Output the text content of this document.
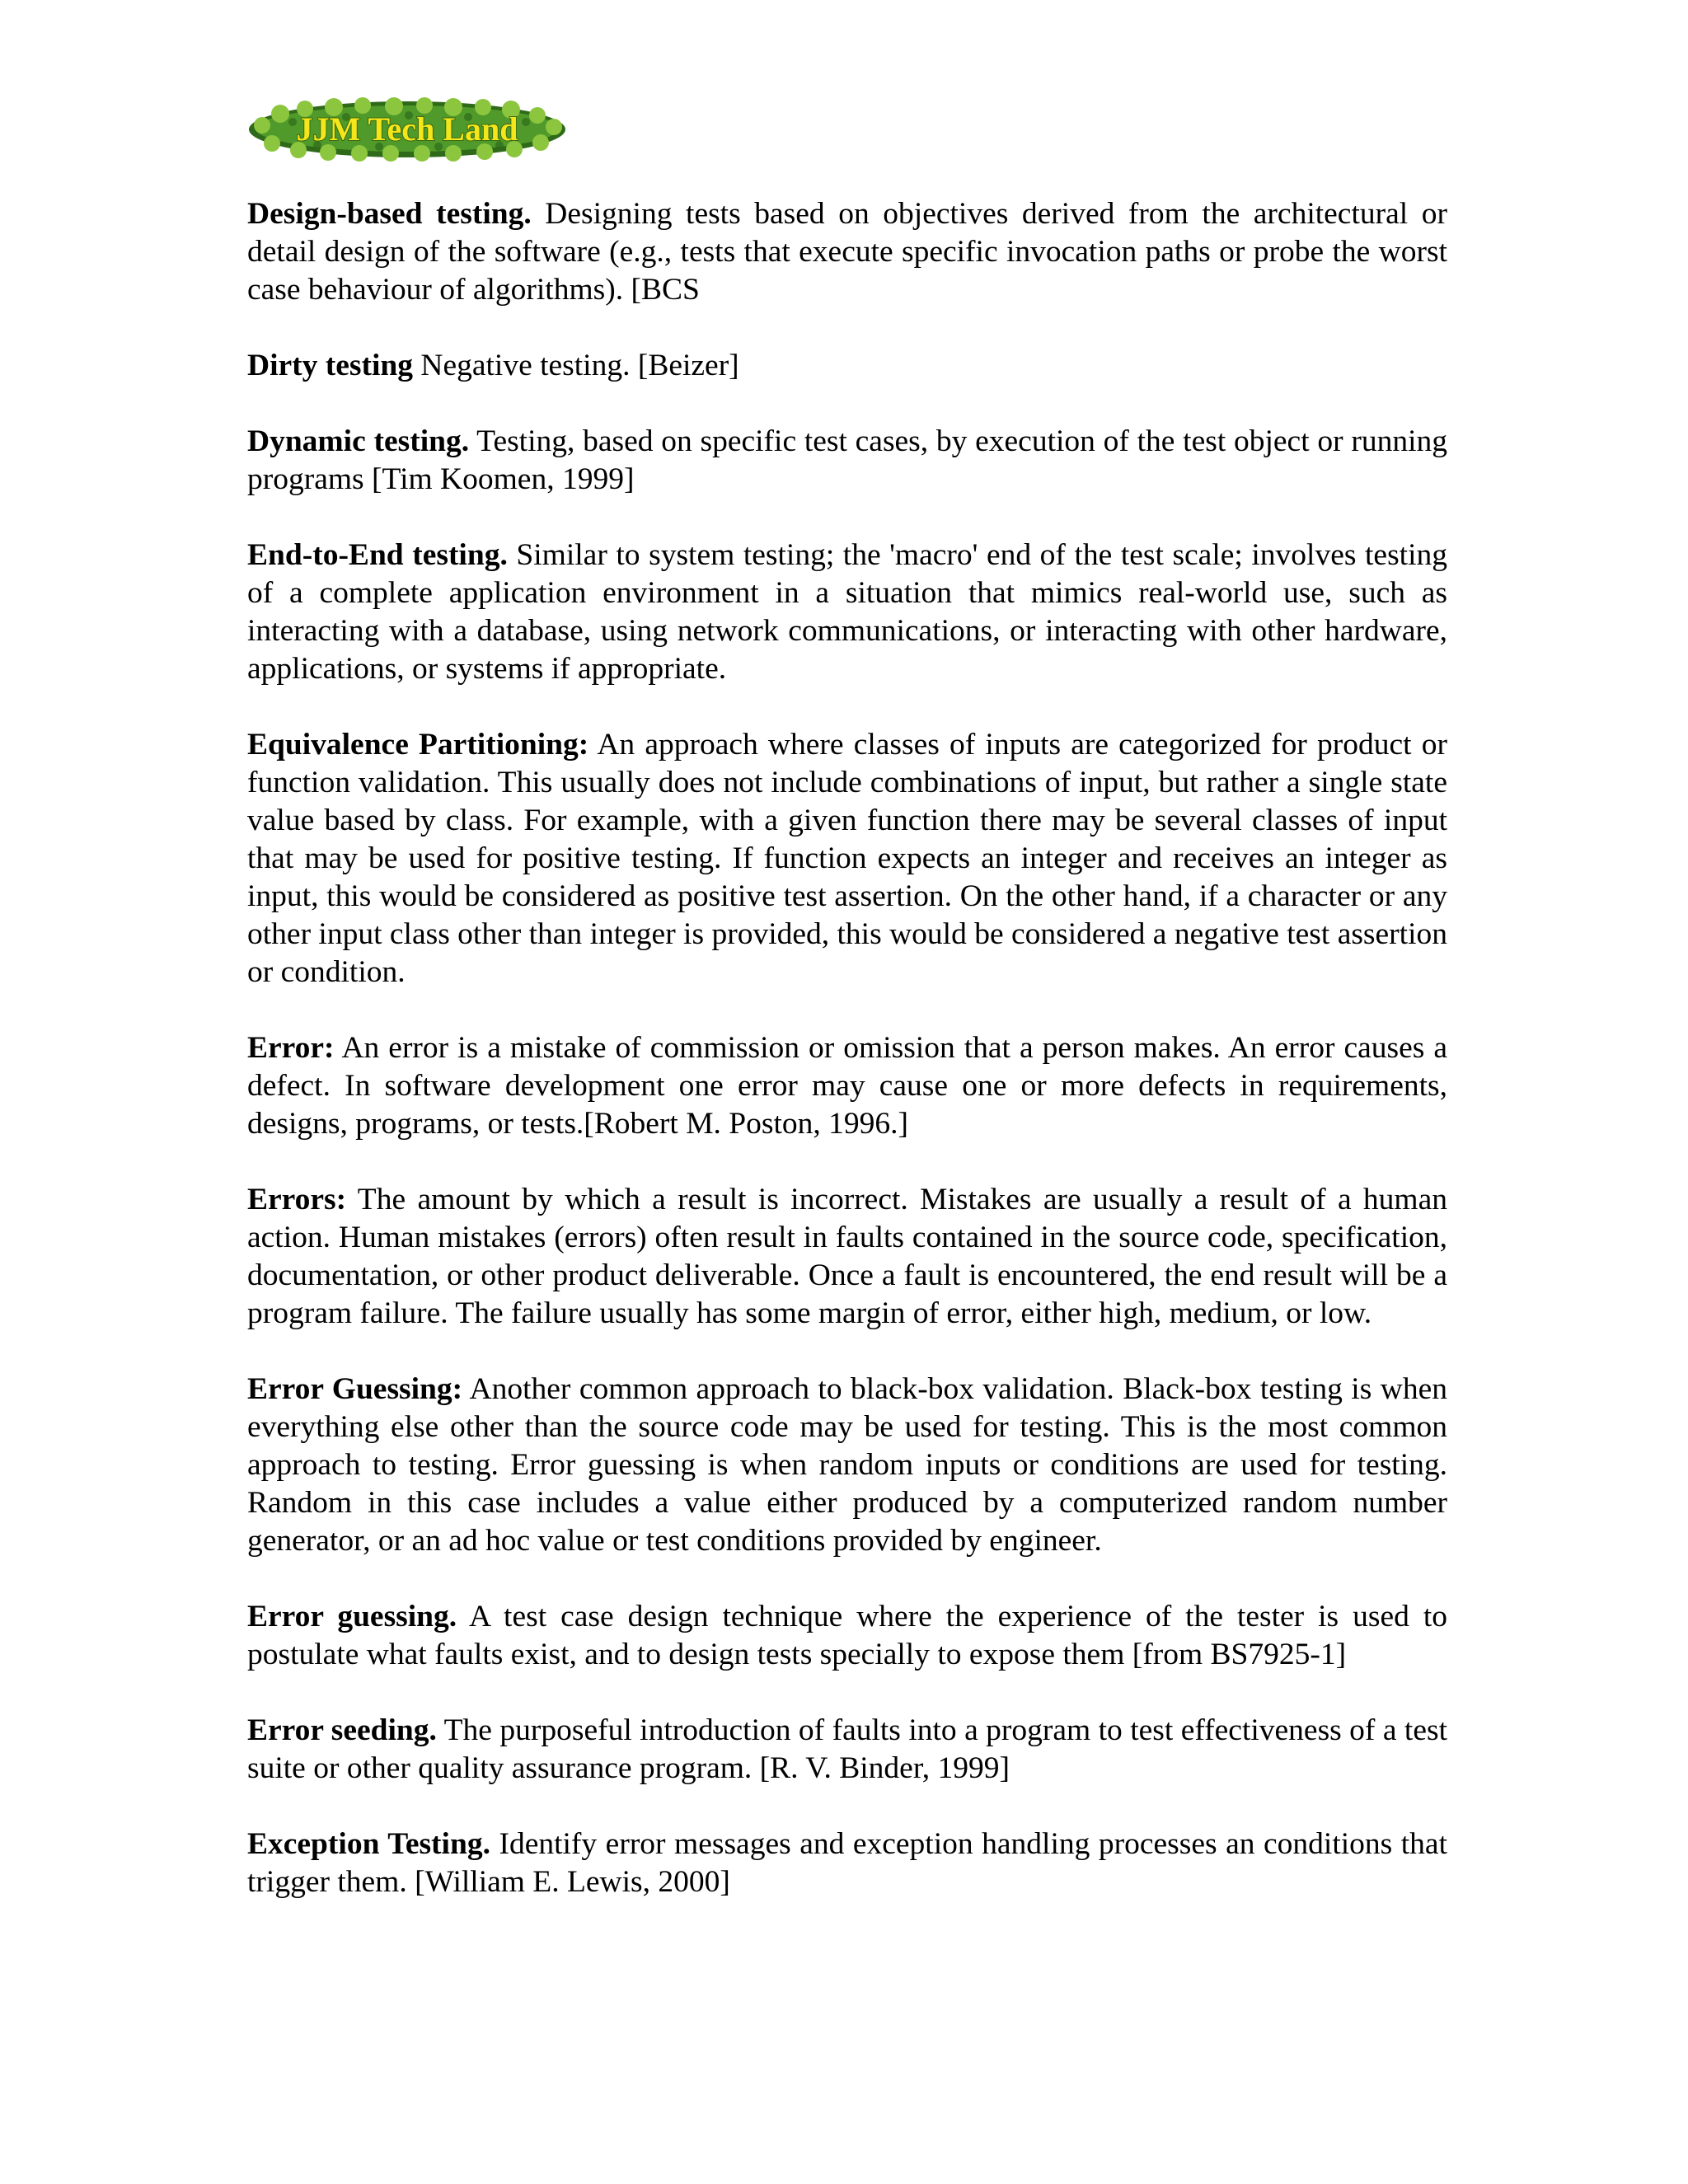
JJM Tech Land

Design-based testing. Designing tests based on objectives derived from the architectural or detail design of the software (e.g., tests that execute specific invocation paths or probe the worst case behaviour of algorithms). [BCS

Dirty testing Negative testing. [Beizer]

Dynamic testing. Testing, based on specific test cases, by execution of the test object or running programs [Tim Koomen, 1999]

End-to-End testing. Similar to system testing; the 'macro' end of the test scale; involves testing of a complete application environment in a situation that mimics real-world use, such as interacting with a database, using network communications, or interacting with other hardware, applications, or systems if appropriate.

Equivalence Partitioning: An approach where classes of inputs are categorized for product or function validation. This usually does not include combinations of input, but rather a single state value based by class. For example, with a given function there may be several classes of input that may be used for positive testing. If function expects an integer and receives an integer as input, this would be considered as positive test assertion. On the other hand, if a character or any other input class other than integer is provided, this would be considered a negative test assertion or condition.

Error: An error is a mistake of commission or omission that a person makes. An error causes a defect. In software development one error may cause one or more defects in requirements, designs, programs, or tests.[Robert M. Poston, 1996.]

Errors: The amount by which a result is incorrect. Mistakes are usually a result of a human action. Human mistakes (errors) often result in faults contained in the source code, specification, documentation, or other product deliverable. Once a fault is encountered, the end result will be a program failure. The failure usually has some margin of error, either high, medium, or low.

Error Guessing: Another common approach to black-box validation. Black-box testing is when everything else other than the source code may be used for testing. This is the most common approach to testing. Error guessing is when random inputs or conditions are used for testing. Random in this case includes a value either produced by a computerized random number generator, or an ad hoc value or test conditions provided by engineer.

Error guessing. A test case design technique where the experience of the tester is used to postulate what faults exist, and to design tests specially to expose them [from BS7925-1]

Error seeding. The purposeful introduction of faults into a program to test effectiveness of a test suite or other quality assurance program. [R. V. Binder, 1999]

Exception Testing. Identify error messages and exception handling processes an conditions that trigger them. [William E. Lewis, 2000]
